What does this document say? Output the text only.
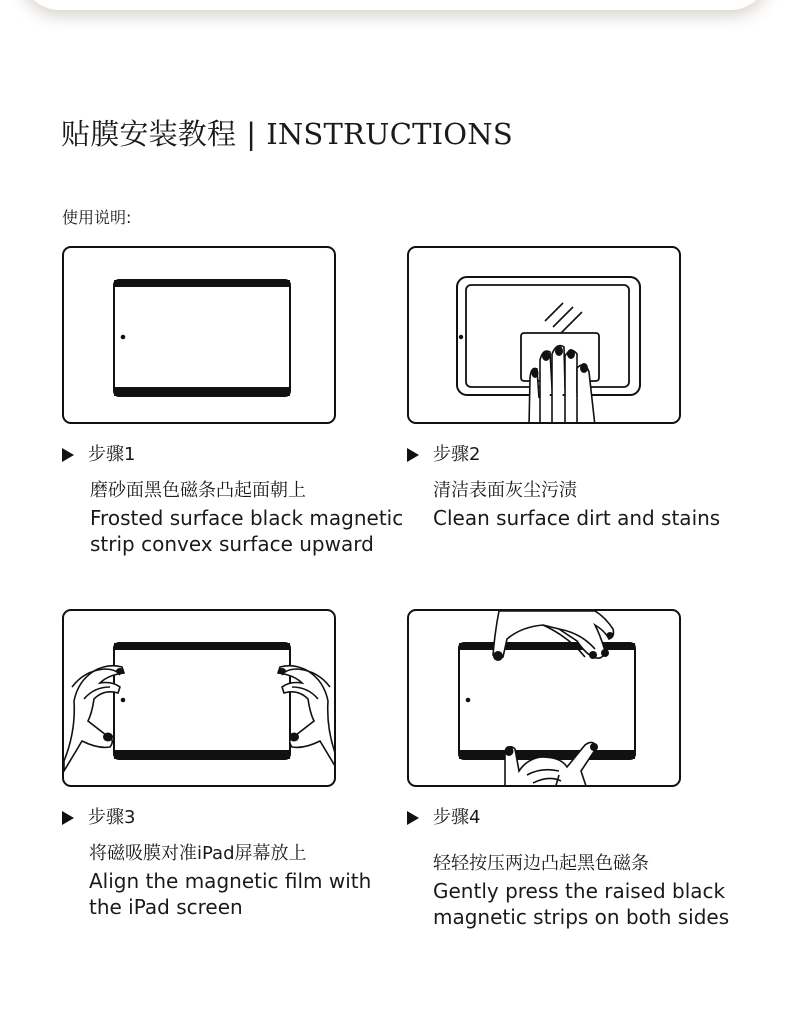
贴膜安装教程 | INSTRUCTIONS
使用说明:
步骤1	步骤2
步骤3	步骤4
磨砂面黑色磁条凸起面朝上
Frosted surface black magnetic
strip convex surface upward
清洁表面灰尘污渍
Clean surface dirt and stains
将磁吸膜对准iPad屏幕放上
Align the magnetic film with
the iPad screen
轻轻按压两边凸起黑色磁条
Gently press the raised black
magnetic strips on both sides
